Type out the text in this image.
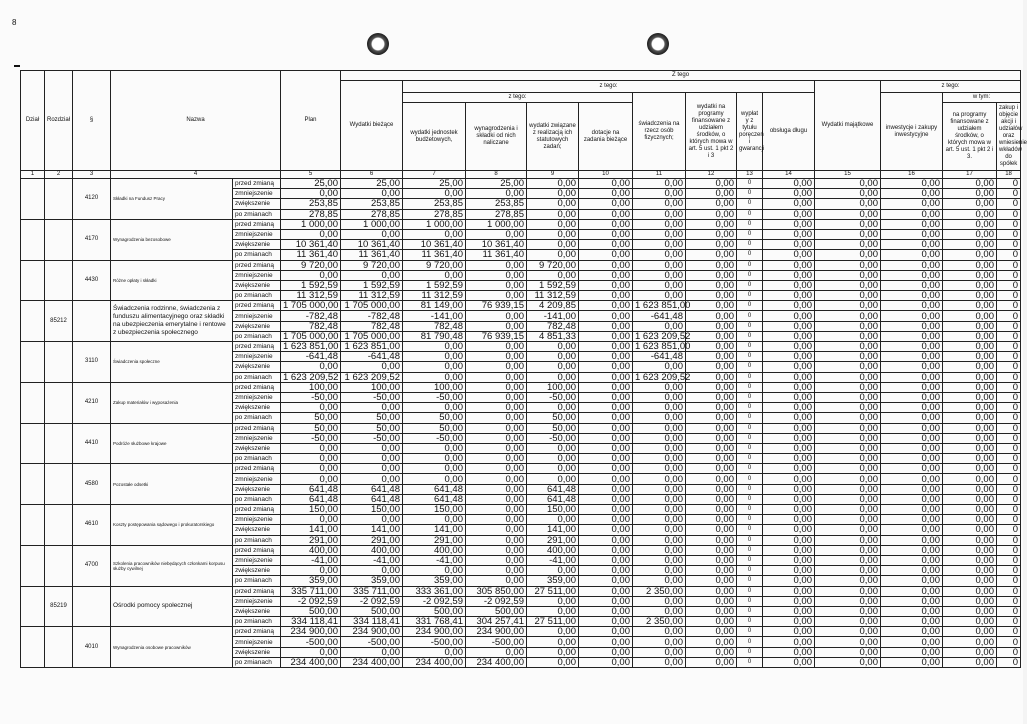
8
Dział	Rozdział	§	Nazwa		Plan	Z tego												
						Wydatki bieżące	z tego:								Wydatki majątkowe	z tego:		
							z tego:				świadczenia na rzecz osób fizycznych;	wydatki na programy finansowane z udziałem środków, o których mowa w art. 5 ust. 1 pkt 2 i 3	wypłat y z tytułu poręczeń i gwarancji	obsługa długu		inwestycje i zakupy inwestycyjne	w tym:	
							wydatki jednostek budżetowych,	wynagrodzenia i składki od nich naliczane	wydatki związane z realizacją ich statutowych zadań;	dotacje na zadania bieżące							na programy finansowane z udziałem środków, o których mowa w art. 5 ust. 1 pkt 2 i 3.	zakup i objęcie akcji i udziałów oraz wniesienie wkładów do spółek

1	2	3	4		5	6	7	8	9	10	11	12	13	14	15	16	17	18
		4120	Składki na Fundusz Pracy	przed zmianą	25,00	25,00	25,00	25,00	0,00	0,00	0,00	0,00	0	0,00	0,00	0,00	0,00	0
				zmniejszenie	0,00	0,00	0,00	0,00	0,00	0,00	0,00	0,00	0	0,00	0,00	0,00	0,00	0
				zwiększenie	253,85	253,85	253,85	253,85	0,00	0,00	0,00	0,00	0	0,00	0,00	0,00	0,00	0
				po zmianach	278,85	278,85	278,85	278,85	0,00	0,00	0,00	0,00	0	0,00	0,00	0,00	0,00	0
		4170	Wynagrodzenia bezosobowe	przed zmianą	1 000,00	1 000,00	1 000,00	1 000,00	0,00	0,00	0,00	0,00	0	0,00	0,00	0,00	0,00	0
				zmniejszenie	0,00	0,00	0,00	0,00	0,00	0,00	0,00	0,00	0	0,00	0,00	0,00	0,00	0
				zwiększenie	10 361,40	10 361,40	10 361,40	10 361,40	0,00	0,00	0,00	0,00	0	0,00	0,00	0,00	0,00	0
				po zmianach	11 361,40	11 361,40	11 361,40	11 361,40	0,00	0,00	0,00	0,00	0	0,00	0,00	0,00	0,00	0
		4430	Różne opłaty i składki	przed zmianą	9 720,00	9 720,00	9 720,00	0,00	9 720,00	0,00	0,00	0,00	0	0,00	0,00	0,00	0,00	0
				zmniejszenie	0,00	0,00	0,00	0,00	0,00	0,00	0,00	0,00	0	0,00	0,00	0,00	0,00	0
				zwiększenie	1 592,59	1 592,59	1 592,59	0,00	1 592,59	0,00	0,00	0,00	0	0,00	0,00	0,00	0,00	0
				po zmianach	11 312,59	11 312,59	11 312,59	0,00	11 312,59	0,00	0,00	0,00	0	0,00	0,00	0,00	0,00	0
	85212		Świadczenia rodzinne, świadczenia z funduszu alimentacyjnego oraz składki na ubezpieczenia emerytalne i rentowe z ubezpieczenia społecznego	przed zmianą	1 705 000,00	1 705 000,00	81 149,00	76 939,15	4 209,85	0,00	1 623 851,00	0,00	0	0,00	0,00	0,00	0,00	0
				zmniejszenie	-782,48	-782,48	-141,00	0,00	-141,00	0,00	-641,48	0,00	0	0,00	0,00	0,00	0,00	0
				zwiększenie	782,48	782,48	782,48	0,00	782,48	0,00	0,00	0,00	0	0,00	0,00	0,00	0,00	0
				po zmianach	1 705 000,00	1 705 000,00	81 790,48	76 939,15	4 851,33	0,00	1 623 209,52	0,00	0	0,00	0,00	0,00	0,00	0
		3110	Świadczenia społeczne	przed zmianą	1 623 851,00	1 623 851,00	0,00	0,00	0,00	0,00	1 623 851,00	0,00	0	0,00	0,00	0,00	0,00	0
				zmniejszenie	-641,48	-641,48	0,00	0,00	0,00	0,00	-641,48	0,00	0	0,00	0,00	0,00	0,00	0
				zwiększenie	0,00	0,00	0,00	0,00	0,00	0,00	0,00	0,00	0	0,00	0,00	0,00	0,00	0
				po zmianach	1 623 209,52	1 623 209,52	0,00	0,00	0,00	0,00	1 623 209,52	0,00	0	0,00	0,00	0,00	0,00	0
		4210	Zakup materiałów i wyposażenia	przed zmianą	100,00	100,00	100,00	0,00	100,00	0,00	0,00	0,00	0	0,00	0,00	0,00	0,00	0
				zmniejszenie	-50,00	-50,00	-50,00	0,00	-50,00	0,00	0,00	0,00	0	0,00	0,00	0,00	0,00	0
				zwiększenie	0,00	0,00	0,00	0,00	0,00	0,00	0,00	0,00	0	0,00	0,00	0,00	0,00	0
				po zmianach	50,00	50,00	50,00	0,00	50,00	0,00	0,00	0,00	0	0,00	0,00	0,00	0,00	0
		4410	Podróże służbowe krajowe	przed zmianą	50,00	50,00	50,00	0,00	50,00	0,00	0,00	0,00	0	0,00	0,00	0,00	0,00	0
				zmniejszenie	-50,00	-50,00	-50,00	0,00	-50,00	0,00	0,00	0,00	0	0,00	0,00	0,00	0,00	0
				zwiększenie	0,00	0,00	0,00	0,00	0,00	0,00	0,00	0,00	0	0,00	0,00	0,00	0,00	0
				po zmianach	0,00	0,00	0,00	0,00	0,00	0,00	0,00	0,00	0	0,00	0,00	0,00	0,00	0
		4580	Pozostałe odsetki	przed zmianą	0,00	0,00	0,00	0,00	0,00	0,00	0,00	0,00	0	0,00	0,00	0,00	0,00	0
				zmniejszenie	0,00	0,00	0,00	0,00	0,00	0,00	0,00	0,00	0	0,00	0,00	0,00	0,00	0
				zwiększenie	641,48	641,48	641,48	0,00	641,48	0,00	0,00	0,00	0	0,00	0,00	0,00	0,00	0
				po zmianach	641,48	641,48	641,48	0,00	641,48	0,00	0,00	0,00	0	0,00	0,00	0,00	0,00	0
		4610	Koszty postępowania sądowego i prokuratorskiego	przed zmianą	150,00	150,00	150,00	0,00	150,00	0,00	0,00	0,00	0	0,00	0,00	0,00	0,00	0
				zmniejszenie	0,00	0,00	0,00	0,00	0,00	0,00	0,00	0,00	0	0,00	0,00	0,00	0,00	0
				zwiększenie	141,00	141,00	141,00	0,00	141,00	0,00	0,00	0,00	0	0,00	0,00	0,00	0,00	0
				po zmianach	291,00	291,00	291,00	0,00	291,00	0,00	0,00	0,00	0	0,00	0,00	0,00	0,00	0
		4700	Szkolenia pracowników niebędących członkami korpusu służby cywilnej	przed zmianą	400,00	400,00	400,00	0,00	400,00	0,00	0,00	0,00	0	0,00	0,00	0,00	0,00	0
				zmniejszenie	-41,00	-41,00	-41,00	0,00	-41,00	0,00	0,00	0,00	0	0,00	0,00	0,00	0,00	0
				zwiększenie	0,00	0,00	0,00	0,00	0,00	0,00	0,00	0,00	0	0,00	0,00	0,00	0,00	0
				po zmianach	359,00	359,00	359,00	0,00	359,00	0,00	0,00	0,00	0	0,00	0,00	0,00	0,00	0
	85219		Ośrodki pomocy społecznej	przed zmianą	335 711,00	335 711,00	333 361,00	305 850,00	27 511,00	0,00	2 350,00	0,00	0	0,00	0,00	0,00	0,00	0
				zmniejszenie	-2 092,59	-2 092,59	-2 092,59	-2 092,59	0,00	0,00	0,00	0,00	0	0,00	0,00	0,00	0,00	0
				zwiększenie	500,00	500,00	500,00	500,00	0,00	0,00	0,00	0,00	0	0,00	0,00	0,00	0,00	0
				po zmianach	334 118,41	334 118,41	331 768,41	304 257,41	27 511,00	0,00	2 350,00	0,00	0	0,00	0,00	0,00	0,00	0
		4010	Wynagrodzenia osobowe pracowników	przed zmianą	234 900,00	234 900,00	234 900,00	234 900,00	0,00	0,00	0,00	0,00	0	0,00	0,00	0,00	0,00	0
				zmniejszenie	-500,00	-500,00	-500,00	-500,00	0,00	0,00	0,00	0,00	0	0,00	0,00	0,00	0,00	0
				zwiększenie	0,00	0,00	0,00	0,00	0,00	0,00	0,00	0,00	0	0,00	0,00	0,00	0,00	0
				po zmianach	234 400,00	234 400,00	234 400,00	234 400,00	0,00	0,00	0,00	0,00	0	0,00	0,00	0,00	0,00	0
